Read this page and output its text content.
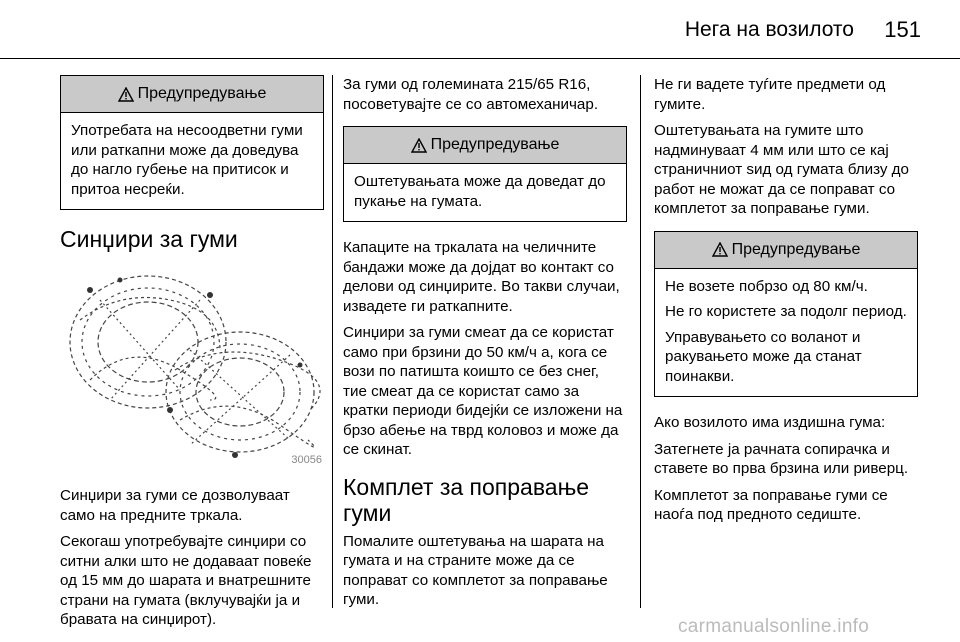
Нега на возилото 151
Предупредување

Употребата на несоодветни гуми или раткапни може да доведува до нагло губење на притисок и притоа несреќи.

Синџири за гуми
30056

Синџири за гуми се дозволуваат само на предните тркала.

Секогаш употребувајте синџири со ситни алки што не додаваат повеќе од 15 мм до шарата и внатрешните страни на гумата (вклучувајќи ја и бравата на синџирот).

За гуми од големината 215/65 R16, посоветувајте се со автомеханичар.

Предупредување

Оштетувањата може да доведат до пукање на гумата.

Капаците на тркалата на челичните бандажи може да дојдат во контакт со делови од синџирите. Во такви случаи, извадете ги раткапните.

Синџири за гуми смеат да се користат само при брзини до 50 км/ч а, кога се вози по патишта коишто се без снег, тие смеат да се користат само за кратки периоди бидејќи се изложени на брзо абење на тврд коловоз и може да се скинат.

Комплет за поправање гуми

Помалите оштетувања на шарата на гумата и на страните може да се поправат со комплетот за поправање гуми.

Не ги вадете туѓите предмети од гумите.

Оштетувањата на гумите што надминуваат 4 мм или што се кај страничниот ѕид од гумата близу до работ не можат да се поправат со комплетот за поправање гуми.

Предупредување

Не возете побрзо од 80 км/ч.

Не го користете за подолг период.

Управувањето со воланот и ракувањето може да станат поинакви.

Ако возилото има издишна гума:

Затегнете ја рачната сопирачка и ставете во прва брзина или риверц.

Комплетот за поправање гуми се наоѓа под предното седиште.

carmanualsonline.info
